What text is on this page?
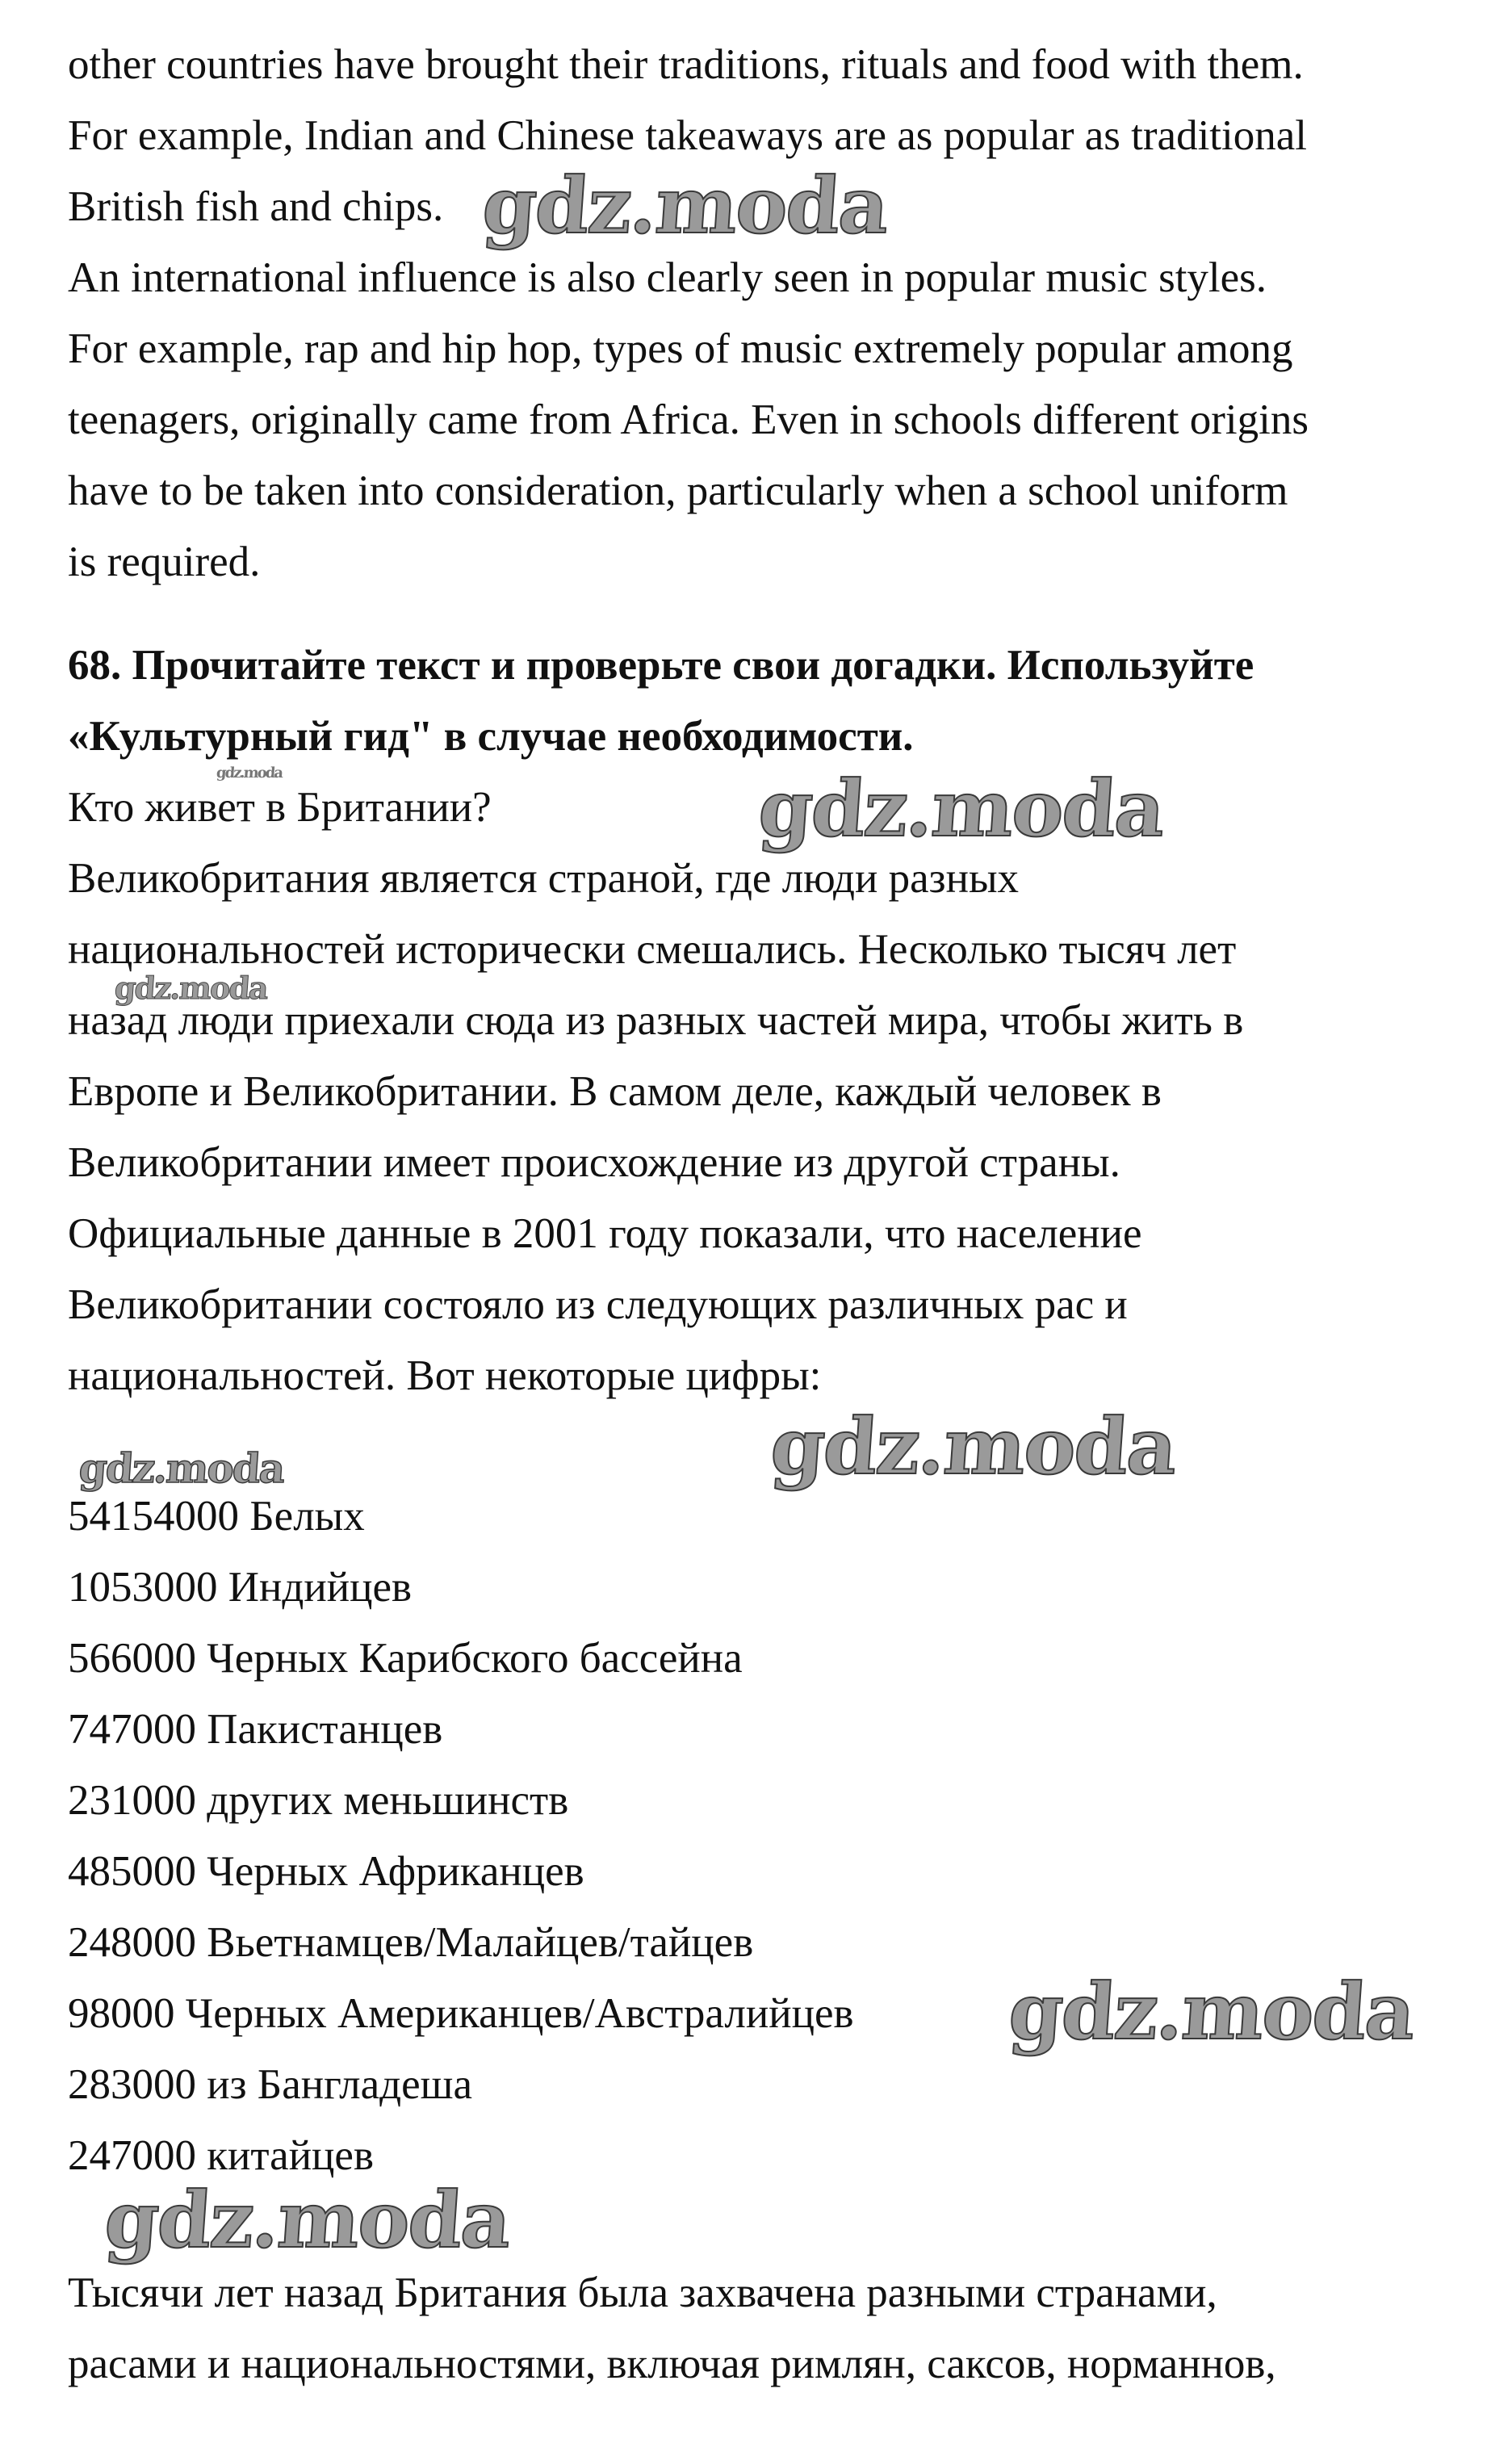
other countries have brought their traditions, rituals and food with them.
For example, Indian and Chinese takeaways are as popular as traditional
British fish and chips.
An international influence is also clearly seen in popular music styles.
For example, rap and hip hop, types of music extremely popular among
teenagers, originally came from Africa. Even in schools different origins
have to be taken into consideration, particularly when a school uniform
is required.
68. Прочитайте текст и проверьте свои догадки. Используйте
«Культурный гид" в случае необходимости.
Кто живет в Британии?
Великобритания является страной, где люди разных
национальностей исторически смешались. Несколько тысяч лет
назад люди приехали сюда из разных частей мира, чтобы жить в
Европе и Великобритании. В самом деле, каждый человек в
Великобритании имеет происхождение из другой страны.
Официальные данные в 2001 году показали, что население
Великобритании состояло из следующих различных рас и
национальностей. Вот некоторые цифры:
54154000 Белых
1053000 Индийцев
566000 Черных Карибского бассейна
747000 Пакистанцев
231000 других меньшинств
485000 Черных Африканцев
248000 Вьетнамцев/Малайцев/тайцев
98000 Черных Американцев/Австралийцев
283000 из Бангладеша
247000 китайцев
Тысячи лет назад Британия была захвачена разными странами,
расами и национальностями, включая римлян, саксов, норманнов,
gdz.moda
gdz.moda	gdz.moda
gdz.moda
gdz.moda	gdz.moda
gdz.moda
gdz.moda
